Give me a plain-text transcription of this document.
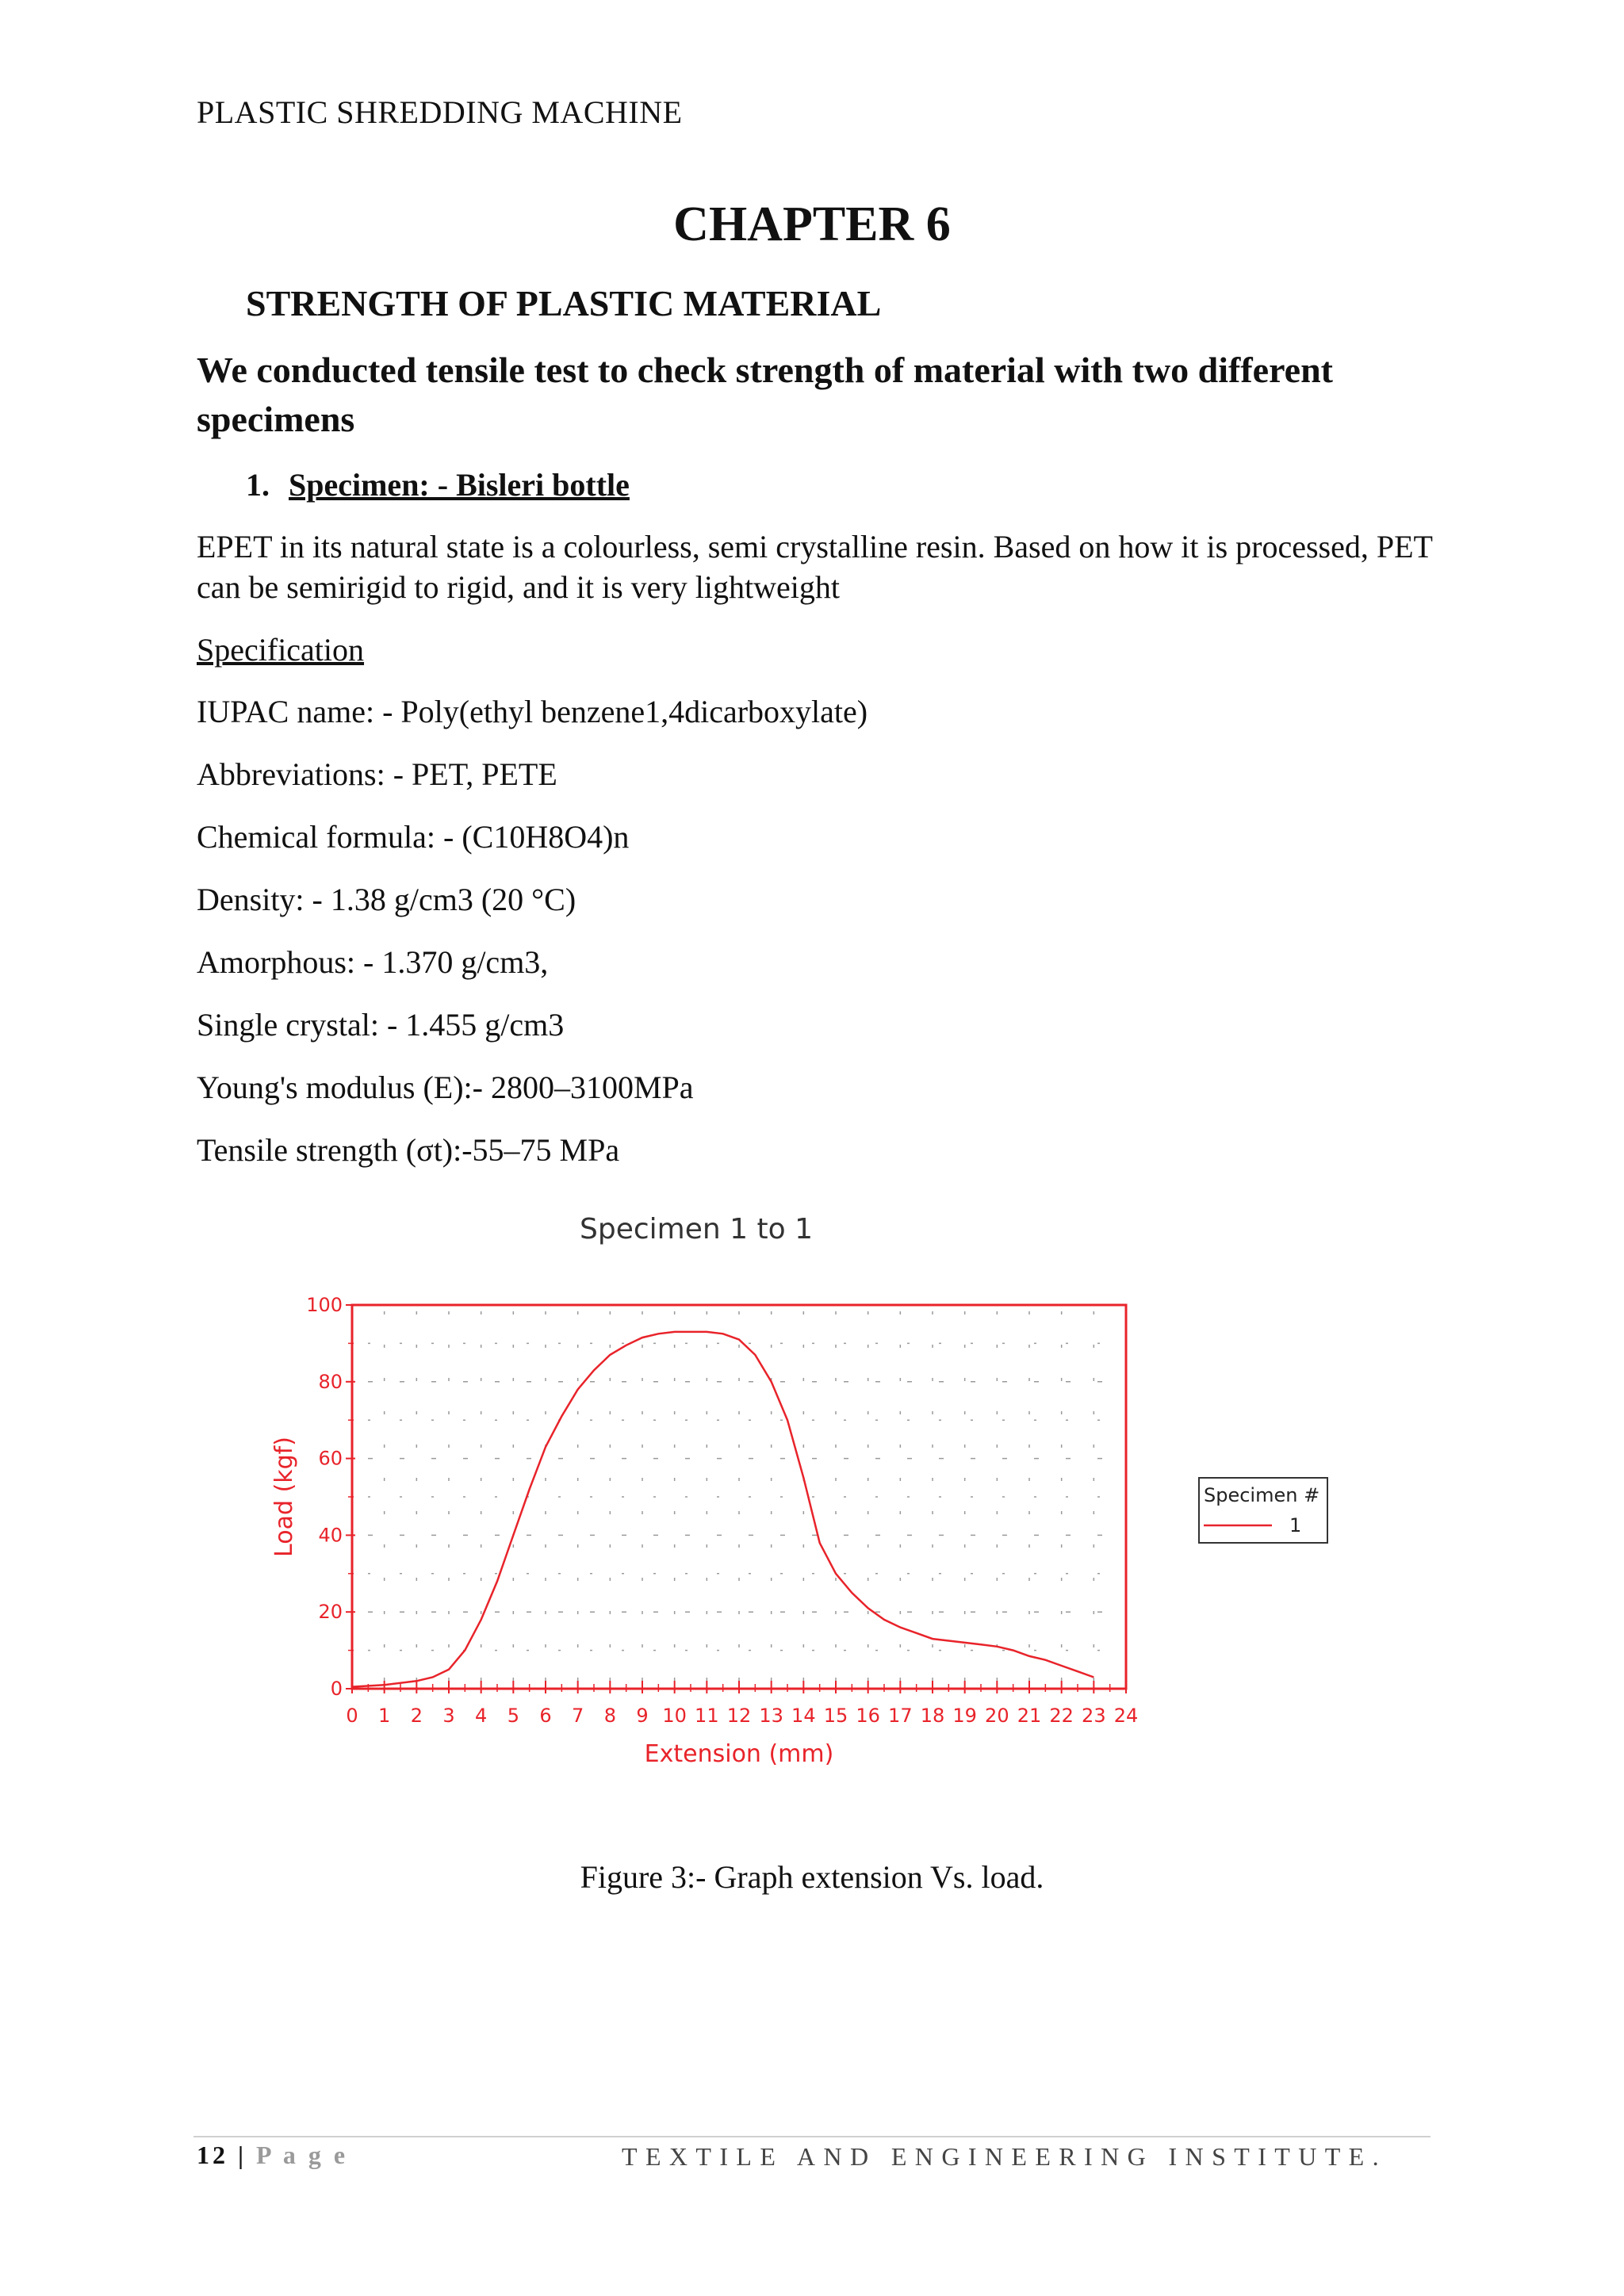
PLASTIC SHREDDING MACHINE
CHAPTER 6
STRENGTH OF PLASTIC MATERIAL
We conducted tensile test to check strength of material with two different specimens
1. Specimen: - Bisleri bottle
EPET in its natural state is a colourless, semi crystalline resin. Based on how it is processed, PET can be semirigid to rigid, and it is very lightweight
Specification
IUPAC name: - Poly(ethyl benzene1,4dicarboxylate)
Abbreviations: - PET, PETE
Chemical formula: - (C10H8O4)n
Density: - 1.38 g/cm3 (20 °C)
Amorphous: - 1.370 g/cm3,
Single crystal: - 1.455 g/cm3
Young's modulus (E):- 2800–3100MPa
Tensile strength (σt):-55–75 MPa
Specimen 1 to 1
0 1 2 3 4 5 6 7 8 9 10 11 12 13 14 15 16 17 18 19 20 21 22 23 24
0
20
40
60
80
100
Extension (mm)
Load (kgf)	Specimen #
1
Figure 3:- Graph extension Vs. load.
12 | P a g e	TEXTILE AND ENGINEERING INSTITUTE.
